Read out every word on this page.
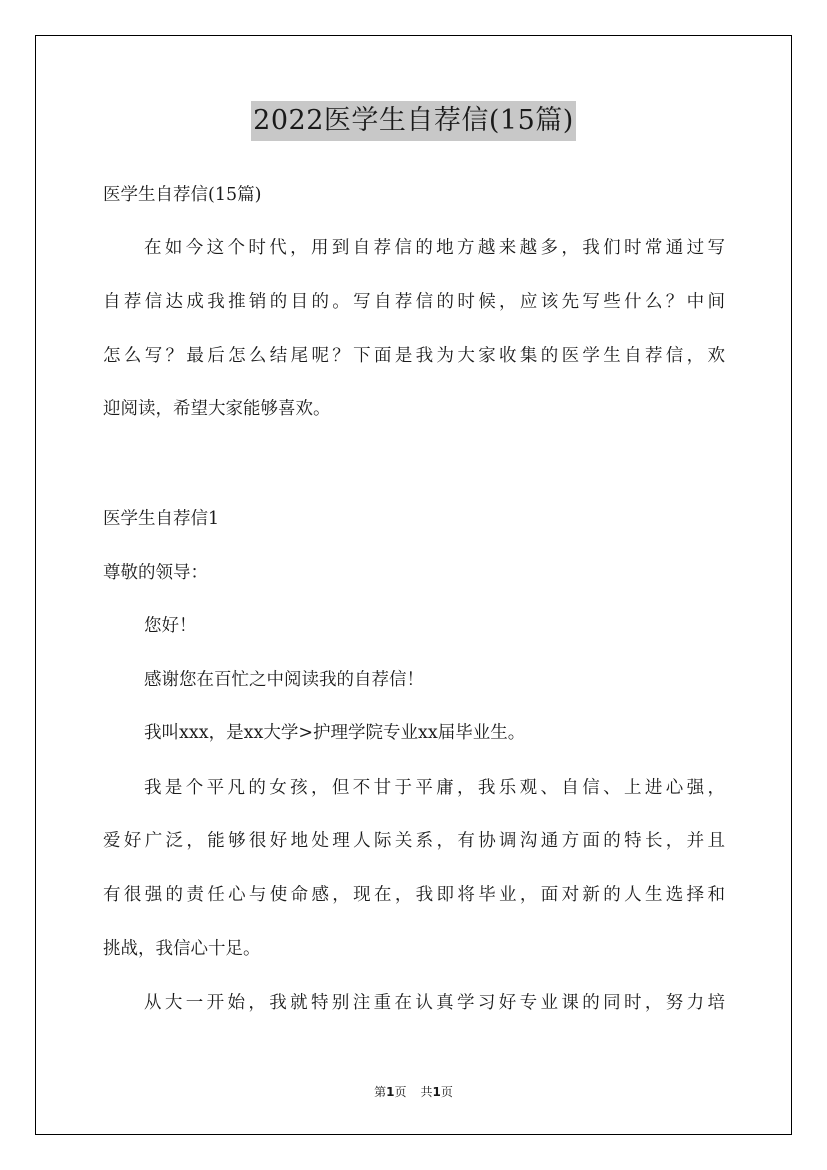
2022医学生自荐信(15篇)
医学生自荐信(15篇)
在如今这个时代，用到自荐信的地方越来越多，我们时常通过写
自荐信达成我推销的目的。写自荐信的时候，应该先写些什么？中间
怎么写？最后怎么结尾呢？下面是我为大家收集的医学生自荐信，欢
迎阅读，希望大家能够喜欢。
医学生自荐信1
尊敬的领导：
您好！
感谢您在百忙之中阅读我的自荐信！
我叫xxx，是xx大学>护理学院专业xx届毕业生。
我是个平凡的女孩，但不甘于平庸，我乐观、自信、上进心强，
爱好广泛，能够很好地处理人际关系，有协调沟通方面的特长，并且
有很强的责任心与使命感，现在，我即将毕业，面对新的人生选择和
挑战，我信心十足。
从大一开始，我就特别注重在认真学习好专业课的同时，努力培
第1页 共1页
